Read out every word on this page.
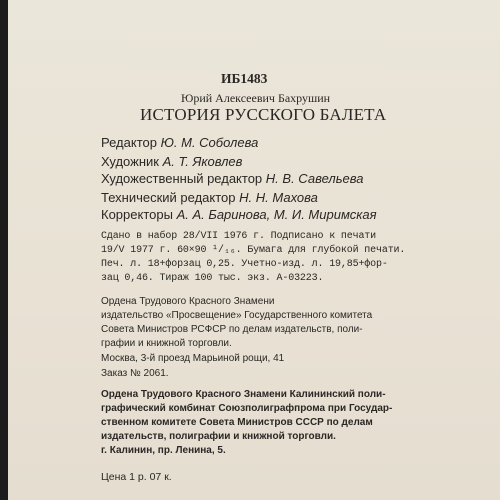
ИБ1483
Юрий Алексеевич Бахрушин
ИСТОРИЯ РУССКОГО БАЛЕТА
Редактор Ю. М. Соболева
Художник А. Т. Яковлев
Художественный редактор Н. В. Савельева
Технический редактор Н. Н. Махова
Корректоры А. А. Баринова, М. И. Миримская
Сдано в набор 28/VII 1976 г. Подписано к печати
19/V 1977 г. 60×90 ¹/₁₆. Бумага для глубокой печати.
Печ. л. 18+форзац 0,25. Учетно-изд. л. 19,85+фор-
зац 0,46. Тираж 100 тыс. экз. А-03223.
Ордена Трудового Красного Знамени
издательство «Просвещение» Государственного комитета
Совета Министров РСФСР по делам издательств, поли-
графии и книжной торговли.
Москва, 3-й проезд Марьиной рощи, 41
Заказ № 2061.
Ордена Трудового Красного Знамени Калининский поли-
графический комбинат Союзполиграфпрома при Государ-
ственном комитете Совета Министров СССР по делам
издательств, полиграфии и книжной торговли.
г. Калинин, пр. Ленина, 5.
Цена 1 р. 07 к.
